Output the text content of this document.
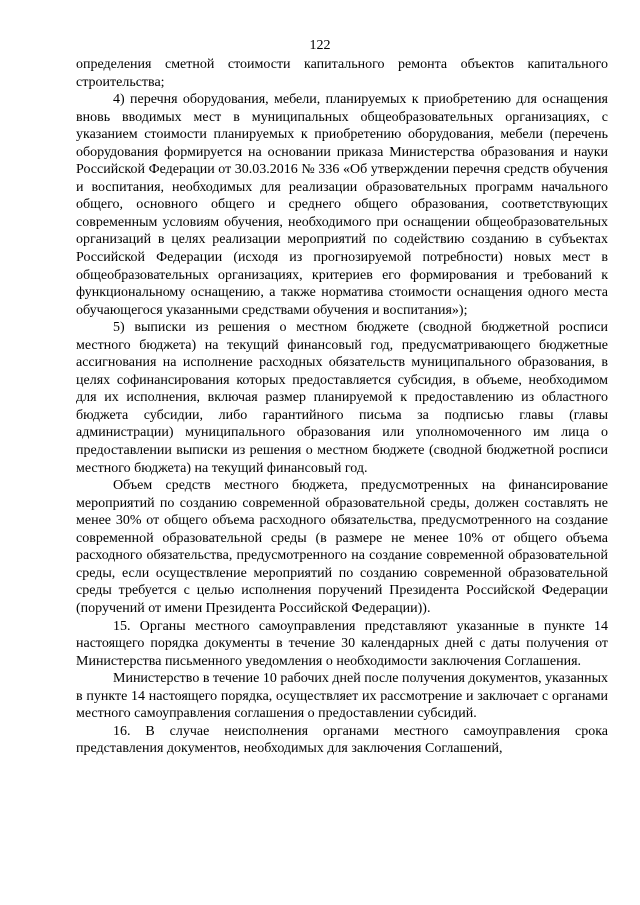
122

определения сметной стоимости капитального ремонта объектов капитального строительства;

4) перечня оборудования, мебели, планируемых к приобретению для оснащения вновь вводимых мест в муниципальных общеобразовательных организациях, с указанием стоимости планируемых к приобретению оборудования, мебели (перечень оборудования формируется на основании приказа Министерства образования и науки Российской Федерации от 30.03.2016 № 336 «Об утверждении перечня средств обучения и воспитания, необходимых для реализации образовательных программ начального общего, основного общего и среднего общего образования, соответствующих современным условиям обучения, необходимого при оснащении общеобразовательных организаций в целях реализации мероприятий по содействию созданию в субъектах Российской Федерации (исходя из прогнозируемой потребности) новых мест в общеобразовательных организациях, критериев его формирования и требований к функциональному оснащению, а также норматива стоимости оснащения одного места обучающегося указанными средствами обучения и воспитания»);

5) выписки из решения о местном бюджете (сводной бюджетной росписи местного бюджета) на текущий финансовый год, предусматривающего бюджетные ассигнования на исполнение расходных обязательств муниципального образования, в целях софинансирования которых предоставляется субсидия, в объеме, необходимом для их исполнения, включая размер планируемой к предоставлению из областного бюджета субсидии, либо гарантийного письма за подписью главы (главы администрации) муниципального образования или уполномоченного им лица о предоставлении выписки из решения о местном бюджете (сводной бюджетной росписи местного бюджета) на текущий финансовый год.

Объем средств местного бюджета, предусмотренных на финансирование мероприятий по созданию современной образовательной среды, должен составлять не менее 30% от общего объема расходного обязательства, предусмотренного на создание современной образовательной среды (в размере не менее 10% от общего объема расходного обязательства, предусмотренного на создание современной образовательной среды, если осуществление мероприятий по созданию современной образовательной среды требуется с целью исполнения поручений Президента Российской Федерации (поручений от имени Президента Российской Федерации)).

15. Органы местного самоуправления представляют указанные в пункте 14 настоящего порядка документы в течение 30 календарных дней с даты получения от Министерства письменного уведомления о необходимости заключения Соглашения.

Министерство в течение 10 рабочих дней после получения документов, указанных в пункте 14 настоящего порядка, осуществляет их рассмотрение и заключает с органами местного самоуправления соглашения о предоставлении субсидий.

16. В случае неисполнения органами местного самоуправления срока представления документов, необходимых для заключения Соглашений,
